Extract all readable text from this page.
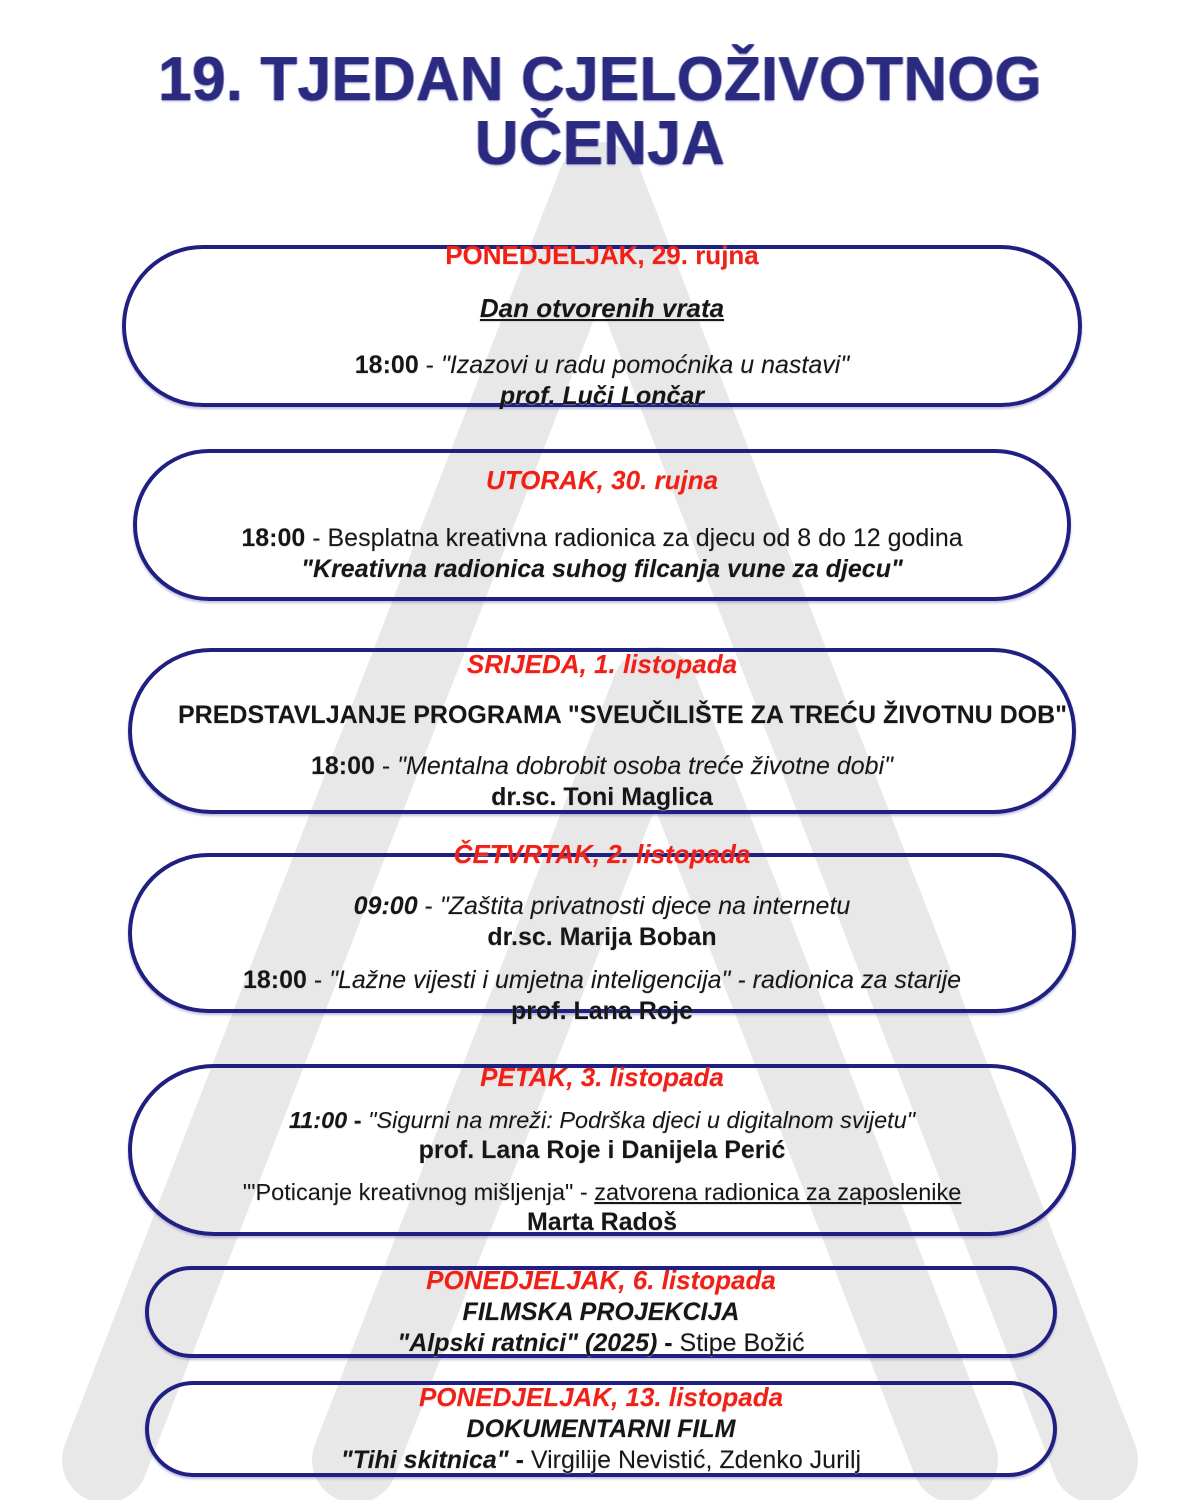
19. TJEDAN CJELOŽIVOTNOG
UČENJA
PONEDJELJAK, 29. rujna
Dan otvorenih vrata
18:00 - "Izazovi u radu pomoćnika u nastavi"
prof. Luči Lončar
UTORAK, 30. rujna
18:00 - Besplatna kreativna radionica za djecu od 8 do 12 godina
"Kreativna radionica suhog filcanja vune za djecu"
SRIJEDA, 1. listopada
PREDSTAVLJANJE PROGRAMA "SVEUČILIŠTE ZA TREĆU ŽIVOTNU DOB"
18:00 - "Mentalna dobrobit osoba treće životne dobi"
dr.sc. Toni Maglica
ČETVRTAK, 2. listopada
09:00 - "Zaštita privatnosti djece na internetu
dr.sc. Marija Boban
18:00 - "Lažne vijesti i umjetna inteligencija" - radionica za starije
prof. Lana Roje
PETAK, 3. listopada
11:00 - "Sigurni na mreži: Podrška djeci u digitalnom svijetu"
prof. Lana Roje i Danijela Perić
'"Poticanje kreativnog mišljenja" - zatvorena radionica za zaposlenike
Marta Radoš
PONEDJELJAK, 6. listopada
FILMSKA PROJEKCIJA
"Alpski ratnici" (2025) - Stipe Božić
PONEDJELJAK, 13. listopada
DOKUMENTARNI FILM
"Tihi skitnica" - Virgilije Nevistić, Zdenko Jurilj
